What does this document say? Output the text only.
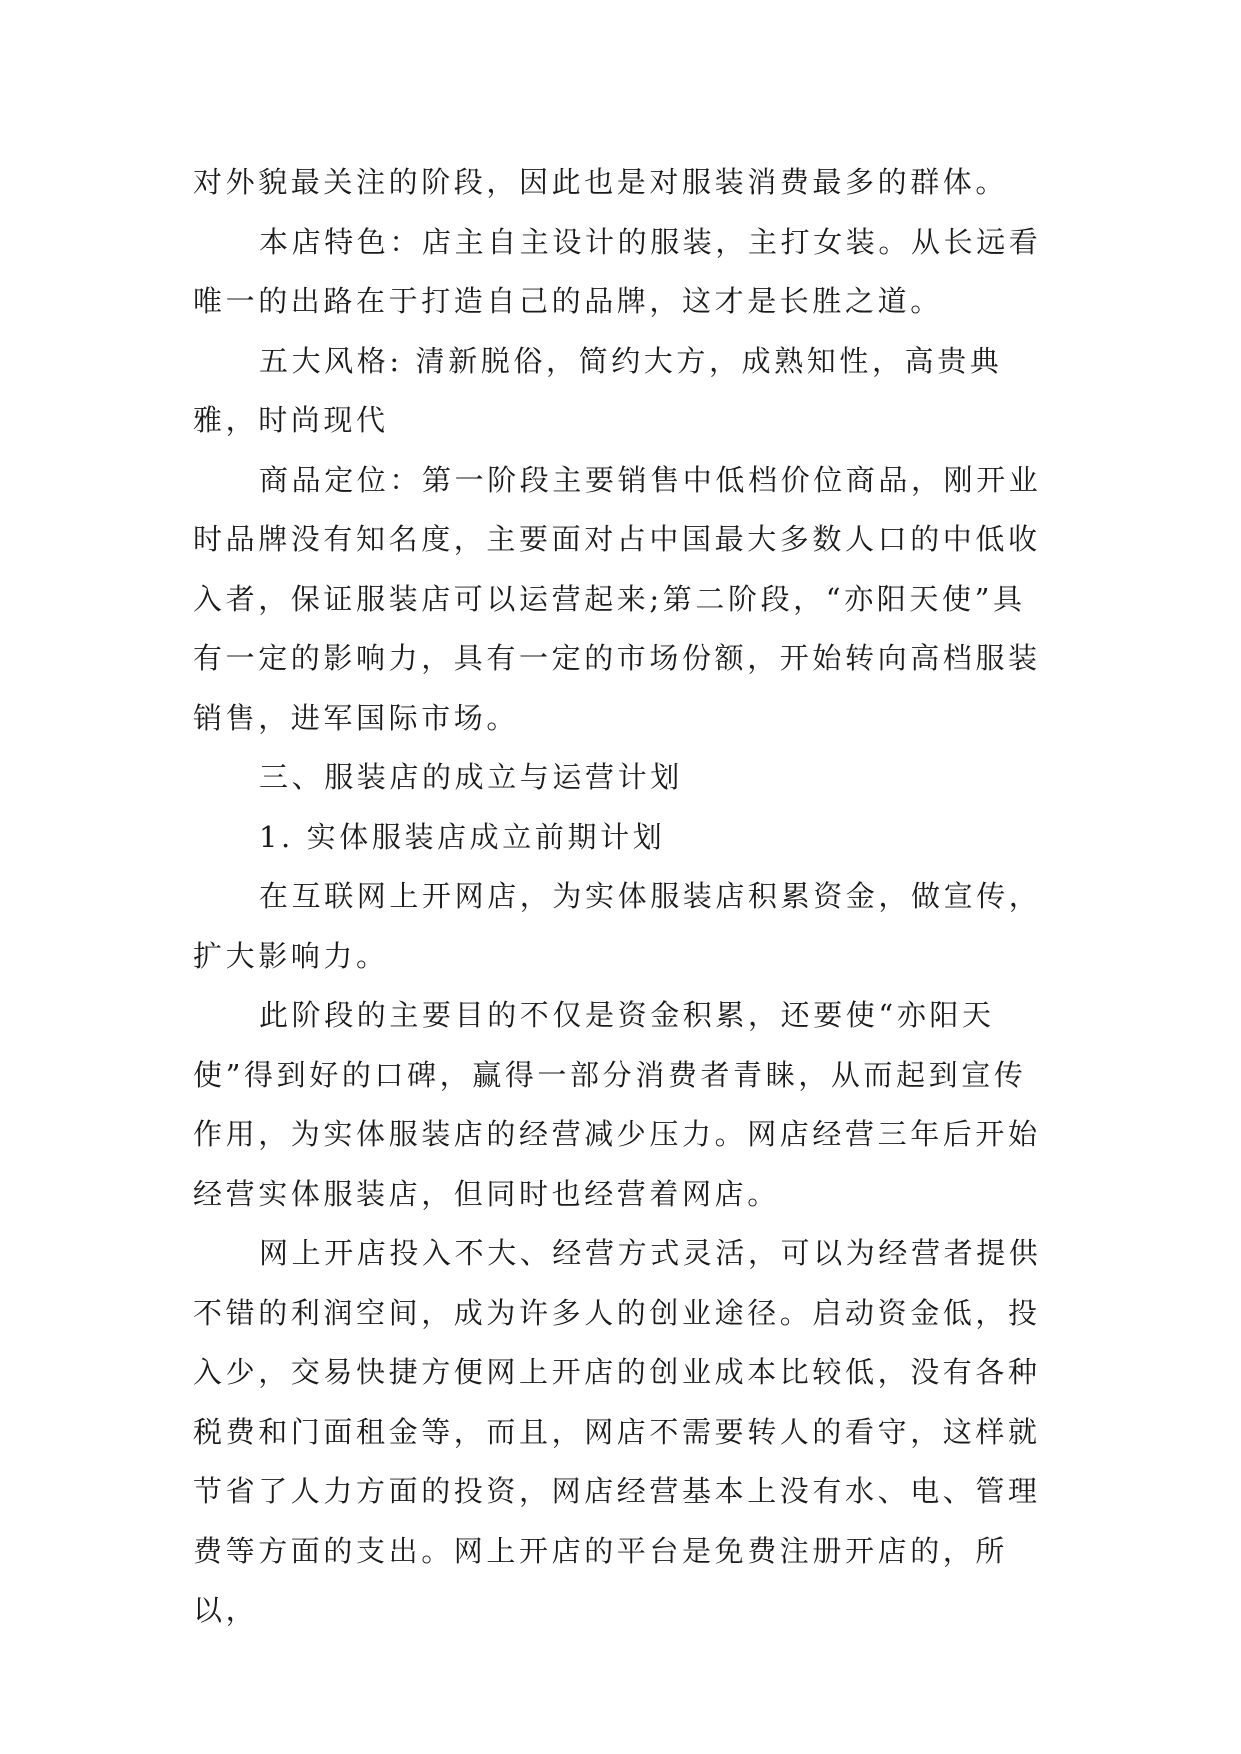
对外貌最关注的阶段，因此也是对服装消费最多的群体。

本店特色：店主自主设计的服装，主打女装。从长远看唯一的出路在于打造自己的品牌，这才是长胜之道。

五大风格: 清新脱俗，简约大方，成熟知性，高贵典雅，时尚现代

商品定位：第一阶段主要销售中低档价位商品，刚开业时品牌没有知名度，主要面对占中国最大多数人口的中低收入者，保证服装店可以运营起来;第二阶段，“亦阳天使”具有一定的影响力，具有一定的市场份额，开始转向高档服装销售，进军国际市场。

三、服装店的成立与运营计划

1. 实体服装店成立前期计划

在互联网上开网店，为实体服装店积累资金，做宣传，扩大影响力。

此阶段的主要目的不仅是资金积累，还要使“亦阳天使”得到好的口碑，赢得一部分消费者青睐，从而起到宣传作用，为实体服装店的经营减少压力。网店经营三年后开始经营实体服装店，但同时也经营着网店。

网上开店投入不大、经营方式灵活，可以为经营者提供不错的利润空间，成为许多人的创业途径。启动资金低，投入少，交易快捷方便网上开店的创业成本比较低，没有各种税费和门面租金等，而且，网店不需要转人的看守，这样就节省了人力方面的投资，网店经营基本上没有水、电、管理费等方面的支出。网上开店的平台是免费注册开店的，所以，
